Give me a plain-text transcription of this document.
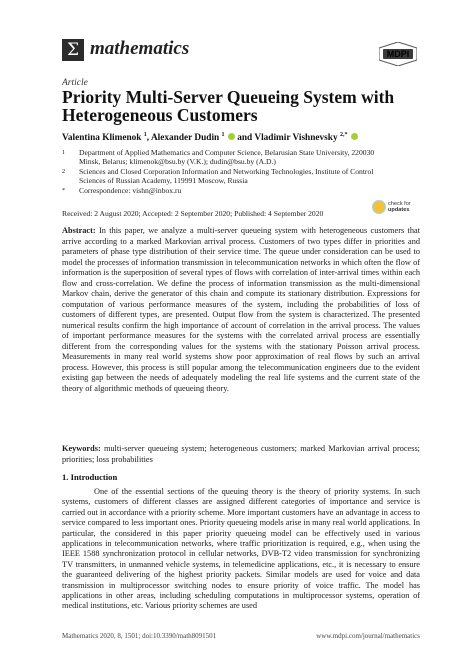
Σ mathematics	MDPI
Article
Priority Multi-Server Queueing System with Heterogeneous Customers
Valentina Klimenok $^1$, Alexander Dudin $^1$ and Vladimir Vishnevsky $^{2,*}$
1 Department of Applied Mathematics and Computer Science, Belarusian State University, 220030 Minsk, Belarus; klimenok@bsu.by (V.K.); dudin@bsu.by (A.D.)
2 Sciences and Closed Corporation Information and Networking Technologies, Institute of Control Sciences of Russian Academy, 119991 Moscow, Russia
* Correspondence: vishn@inbox.ru
Received: 2 August 2020; Accepted: 2 September 2020; Published: 4 September 2020
check for
updates
Abstract: In this paper, we analyze a multi-server queueing system with heterogeneous customers that arrive according to a marked Markovian arrival process. Customers of two types differ in priorities and parameters of phase type distribution of their service time. The queue under consideration can be used to model the processes of information transmission in telecommunication networks in which often the flow of information is the superposition of several types of flows with correlation of inter-arrival times within each flow and cross-correlation. We define the process of information transmission as the multi-dimensional Markov chain, derive the generator of this chain and compute its stationary distribution. Expressions for computation of various performance measures of the system, including the probabilities of loss of customers of different types, are presented. Output flow from the system is characterized. The presented numerical results confirm the high importance of account of correlation in the arrival process. The values of important performance measures for the systems with the correlated arrival process are essentially different from the corresponding values for the systems with the stationary Poisson arrival process. Measurements in many real world systems show poor approximation of real flows by such an arrival process. However, this process is still popular among the telecommunication engineers due to the evident existing gap between the needs of adequately modeling the real life systems and the current state of the theory of algorithmic methods of queueing theory.
Keywords: multi-server queueing system; heterogeneous customers; marked Markovian arrival process; priorities; loss probabilities
1. Introduction
One of the essential sections of the queuing theory is the theory of priority systems. In such systems, customers of different classes are assigned different categories of importance and service is carried out in accordance with a priority scheme. More important customers have an advantage in access to service compared to less important ones. Priority queueing models arise in many real world applications. In particular, the considered in this paper priority queueing model can be effectively used in various applications in telecommunication networks, where traffic prioritization is required, e.g., when using the IEEE 1588 synchronization protocol in cellular networks, DVB-T2 video transmission for synchronizing TV transmitters, in unmanned vehicle systems, in telemedicine applications, etc., it is necessary to ensure the guaranteed delivering of the highest priority packets. Similar models are used for voice and data transmission in multiprocessor switching nodes to ensure priority of voice traffic. The model has applications in other areas, including scheduling computations in multiprocessor systems, operation of medical institutions, etc. Various priority schemes are used
Mathematics 2020, 8, 1501; doi:10.3390/math8091501	www.mdpi.com/journal/mathematics
